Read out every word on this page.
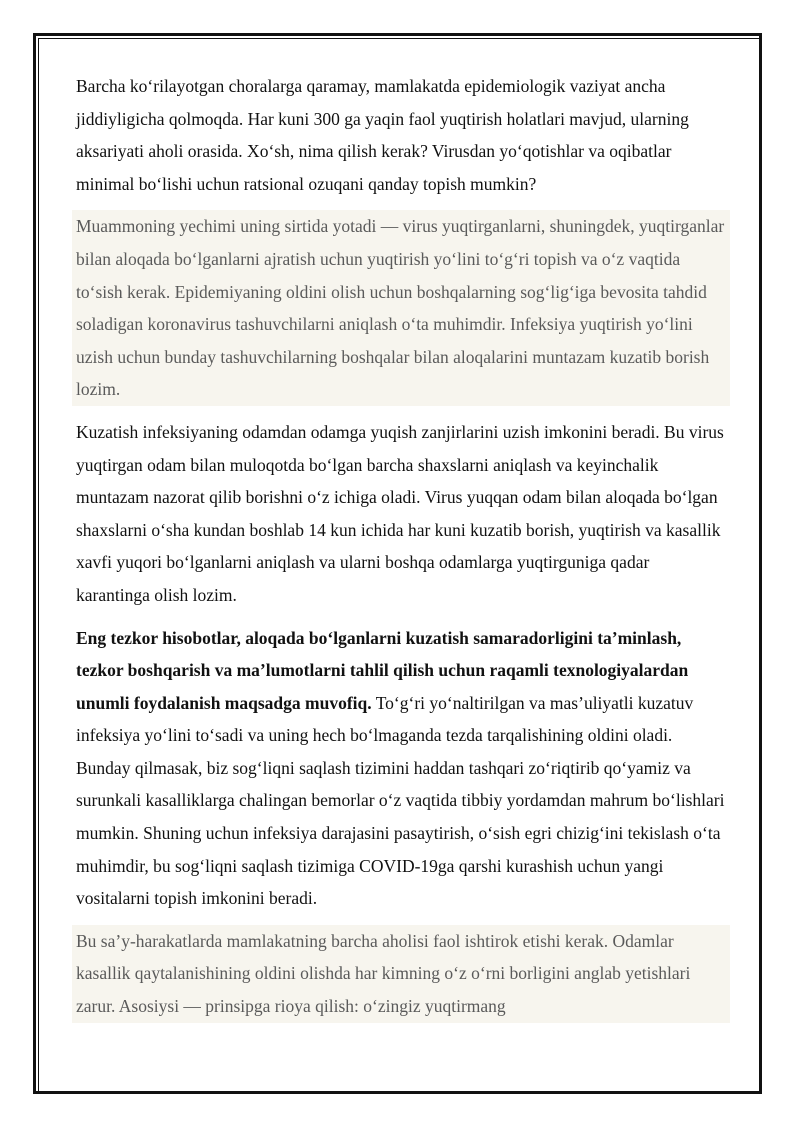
Barcha koʻrilayotgan choralarga qaramay, mamlakatda epidemiologik vaziyat ancha jiddiyligicha qolmoqda. Har kuni 300 ga yaqin faol yuqtirish holatlari mavjud, ularning aksariyati aholi orasida. Xoʻsh, nima qilish kerak? Virusdan yoʻqotishlar va oqibatlar minimal boʻlishi uchun ratsional ozuqani qanday topish mumkin?

Muammoning yechimi uning sirtida yotadi — virus yuqtirganlarni, shuningdek, yuqtirganlar bilan aloqada boʻlganlarni ajratish uchun yuqtirish yoʻlini toʻgʻri topish va oʻz vaqtida toʻsish kerak. Epidemiyaning oldini olish uchun boshqalarning sogʻligʻiga bevosita tahdid soladigan koronavirus tashuvchilarni aniqlash oʻta muhimdir. Infeksiya yuqtirish yoʻlini uzish uchun bunday tashuvchilarning boshqalar bilan aloqalarini muntazam kuzatib borish lozim.

Kuzatish infeksiyaning odamdan odamga yuqish zanjirlarini uzish imkonini beradi. Bu virus yuqtirgan odam bilan muloqotda boʻlgan barcha shaxslarni aniqlash va keyinchalik muntazam nazorat qilib borishni oʻz ichiga oladi. Virus yuqqan odam bilan aloqada boʻlgan shaxslarni oʻsha kundan boshlab 14 kun ichida har kuni kuzatib borish, yuqtirish va kasallik xavfi yuqori boʻlganlarni aniqlash va ularni boshqa odamlarga yuqtirguniga qadar karantinga olish lozim.

Eng tezkor hisobotlar, aloqada boʻlganlarni kuzatish samaradorligini taʼminlash, tezkor boshqarish va maʼlumotlarni tahlil qilish uchun raqamli texnologiyalardan unumli foydalanish maqsadga muvofiq. Toʻgʻri yoʻnaltirilgan va masʼuliyatli kuzatuv infeksiya yoʻlini toʻsadi va uning hech boʻlmaganda tezda tarqalishining oldini oladi. Bunday qilmasak, biz sogʻliqni saqlash tizimini haddan tashqari zoʻriqtirib qoʻyamiz va surunkali kasalliklarga chalingan bemorlar oʻz vaqtida tibbiy yordamdan mahrum boʻlishlari mumkin. Shuning uchun infeksiya darajasini pasaytirish, oʻsish egri chizigʻini tekislash oʻta muhimdir, bu sogʻliqni saqlash tizimiga COVID-19ga qarshi kurashish uchun yangi vositalarni topish imkonini beradi.

Bu saʼy-harakatlarda mamlakatning barcha aholisi faol ishtirok etishi kerak. Odamlar kasallik qaytalanishining oldini olishda har kimning oʻz oʻrni borligini anglab yetishlari zarur. Asosiysi — prinsipga rioya qilish: oʻzingiz yuqtirmang
